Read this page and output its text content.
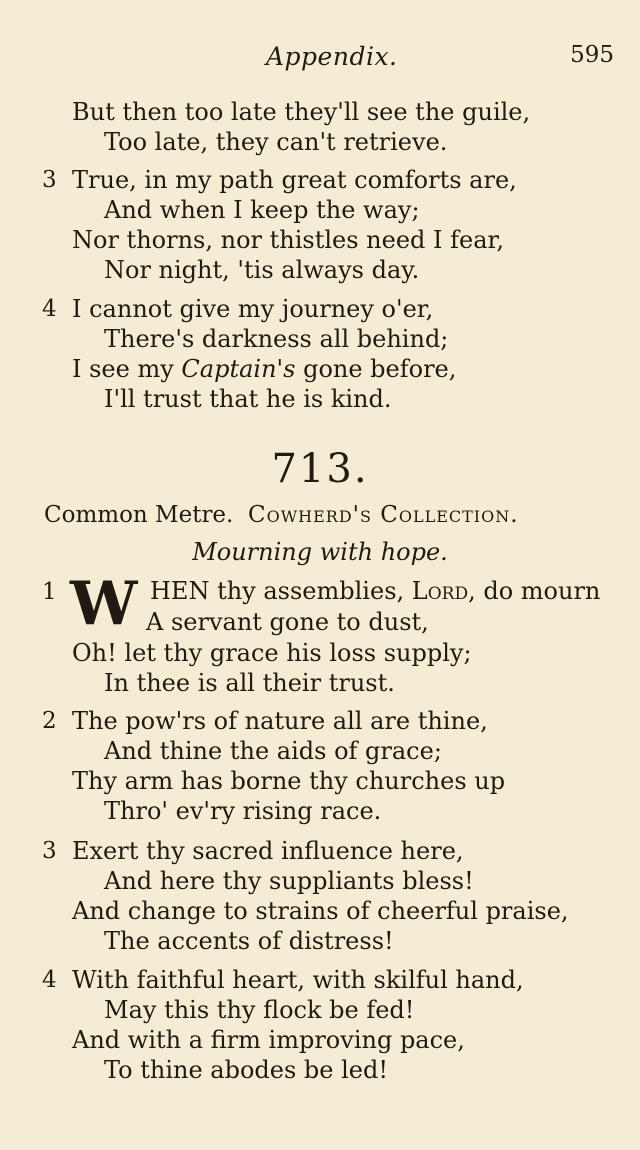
Appendix.	595
But then too late they'll see the guile,
Too late, they can't retrieve.
3 True, in my path great comforts are,
And when I keep the way;
Nor thorns, nor thistles need I fear,
Nor night, 'tis always day.
4 I cannot give my journey o'er,
There's darkness all behind;
I see my Captain's gone before,
I'll trust that he is kind.
713.
Common Metre. Cowherd's Collection.
Mourning with hope.
1 W HEN thy assemblies, Lord, do mourn
A servant gone to dust,
Oh! let thy grace his loss supply;
In thee is all their trust.
2 The pow'rs of nature all are thine,
And thine the aids of grace;
Thy arm has borne thy churches up
Thro' ev'ry rising race.
3 Exert thy sacred influence here,
And here thy suppliants bless!
And change to strains of cheerful praise,
The accents of distress!
4 With faithful heart, with skilful hand,
May this thy flock be fed!
And with a firm improving pace,
To thine abodes be led!
